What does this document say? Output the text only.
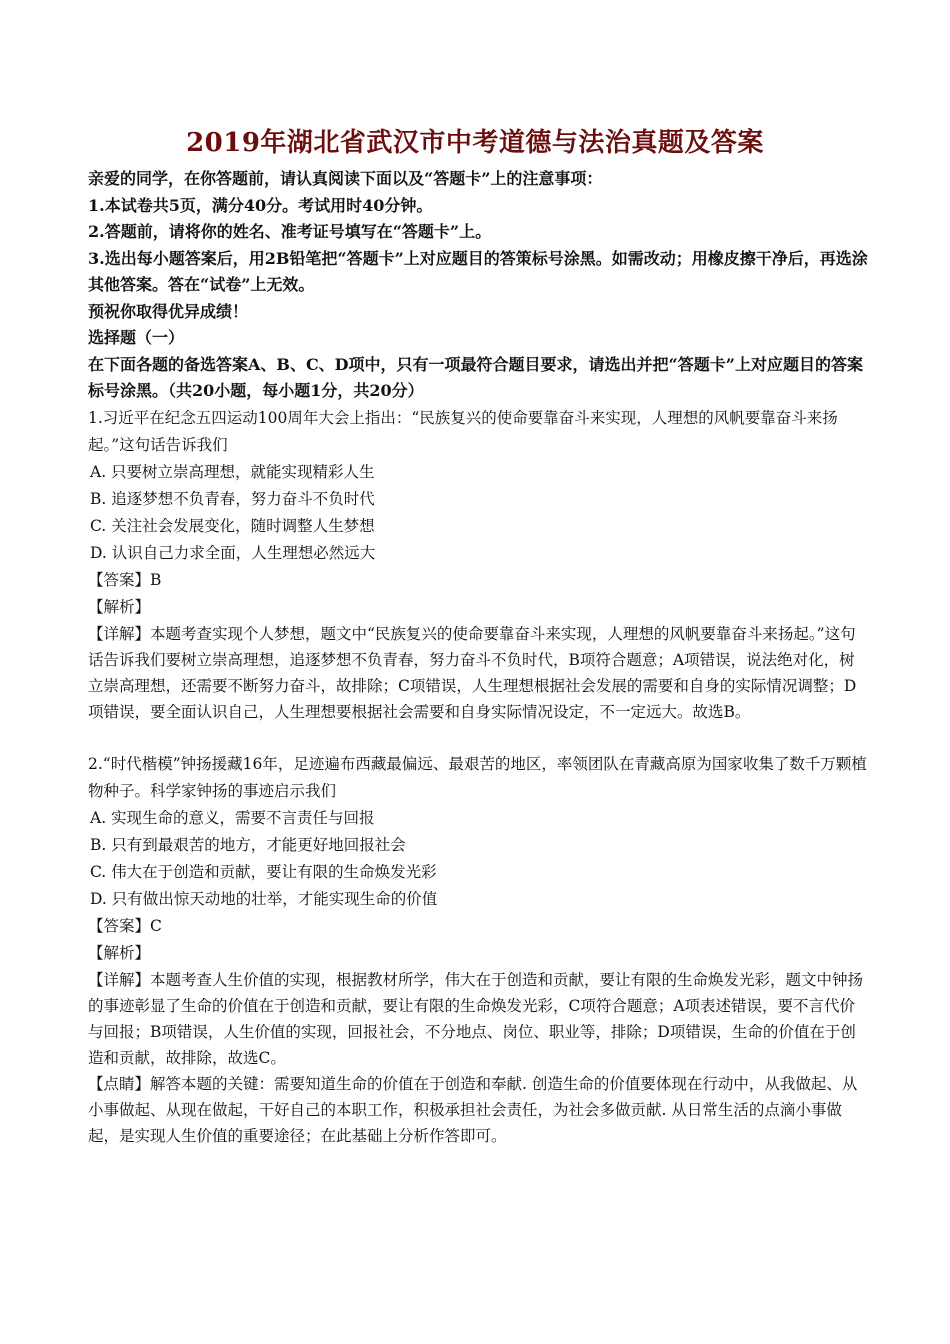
2019年湖北省武汉市中考道德与法治真题及答案

亲爱的同学，在你答题前，请认真阅读下面以及“答题卡”上的注意事项：

1.本试卷共5页，满分40分。考试用时40分钟。

2.答题前，请将你的姓名、准考证号填写在“答题卡”上。

3.选出每小题答案后，用2B铅笔把“答题卡”上对应题目的答策标号涂黑。如需改动；用橡皮擦干净后，再选涂其他答案。答在“试卷”上无效。

预祝你取得优异成绩！

选择题（一）

在下面各题的备选答案A、B、C、D项中，只有一项最符合题目要求，请选出并把“答题卡”上对应题目的答案标号涂黑。（共20小题，每小题1分，共20分）

1.习近平在纪念五四运动100周年大会上指出：“民族复兴的使命要靠奋斗来实现，人理想的风帆要靠奋斗来扬起。”这句话告诉我们

A. 只要树立崇高理想，就能实现精彩人生

B. 追逐梦想不负青春，努力奋斗不负时代

C. 关注社会发展变化，随时调整人生梦想

D. 认识自己力求全面，人生理想必然远大

【答案】B

【解析】

【详解】本题考查实现个人梦想，题文中“民族复兴的使命要靠奋斗来实现，人理想的风帆要靠奋斗来扬起。”这句话告诉我们要树立崇高理想，追逐梦想不负青春，努力奋斗不负时代，B项符合题意；A项错误，说法绝对化，树立崇高理想，还需要不断努力奋斗，故排除；C项错误，人生理想根据社会发展的需要和自身的实际情况调整；D项错误，要全面认识自己，人生理想要根据社会需要和自身实际情况设定，不一定远大。故选B。

2.“时代楷模”钟扬援藏16年，足迹遍布西藏最偏远、最艰苦的地区，率领团队在青藏高原为国家收集了数千万颗植物种子。科学家钟扬的事迹启示我们

A. 实现生命的意义，需要不言责任与回报

B. 只有到最艰苦的地方，才能更好地回报社会

C. 伟大在于创造和贡献，要让有限的生命焕发光彩

D. 只有做出惊天动地的壮举，才能实现生命的价值

【答案】C

【解析】

【详解】本题考查人生价值的实现，根据教材所学，伟大在于创造和贡献，要让有限的生命焕发光彩，题文中钟扬的事迹彰显了生命的价值在于创造和贡献，要让有限的生命焕发光彩，C项符合题意；A项表述错误，要不言代价与回报；B项错误，人生价值的实现，回报社会，不分地点、岗位、职业等，排除；D项错误，生命的价值在于创造和贡献，故排除，故选C。

【点睛】解答本题的关键：需要知道生命的价值在于创造和奉献. 创造生命的价值要体现在行动中，从我做起、从小事做起、从现在做起，干好自己的本职工作，积极承担社会责任，为社会多做贡献. 从日常生活的点滴小事做起，是实现人生价值的重要途径；在此基础上分析作答即可。
